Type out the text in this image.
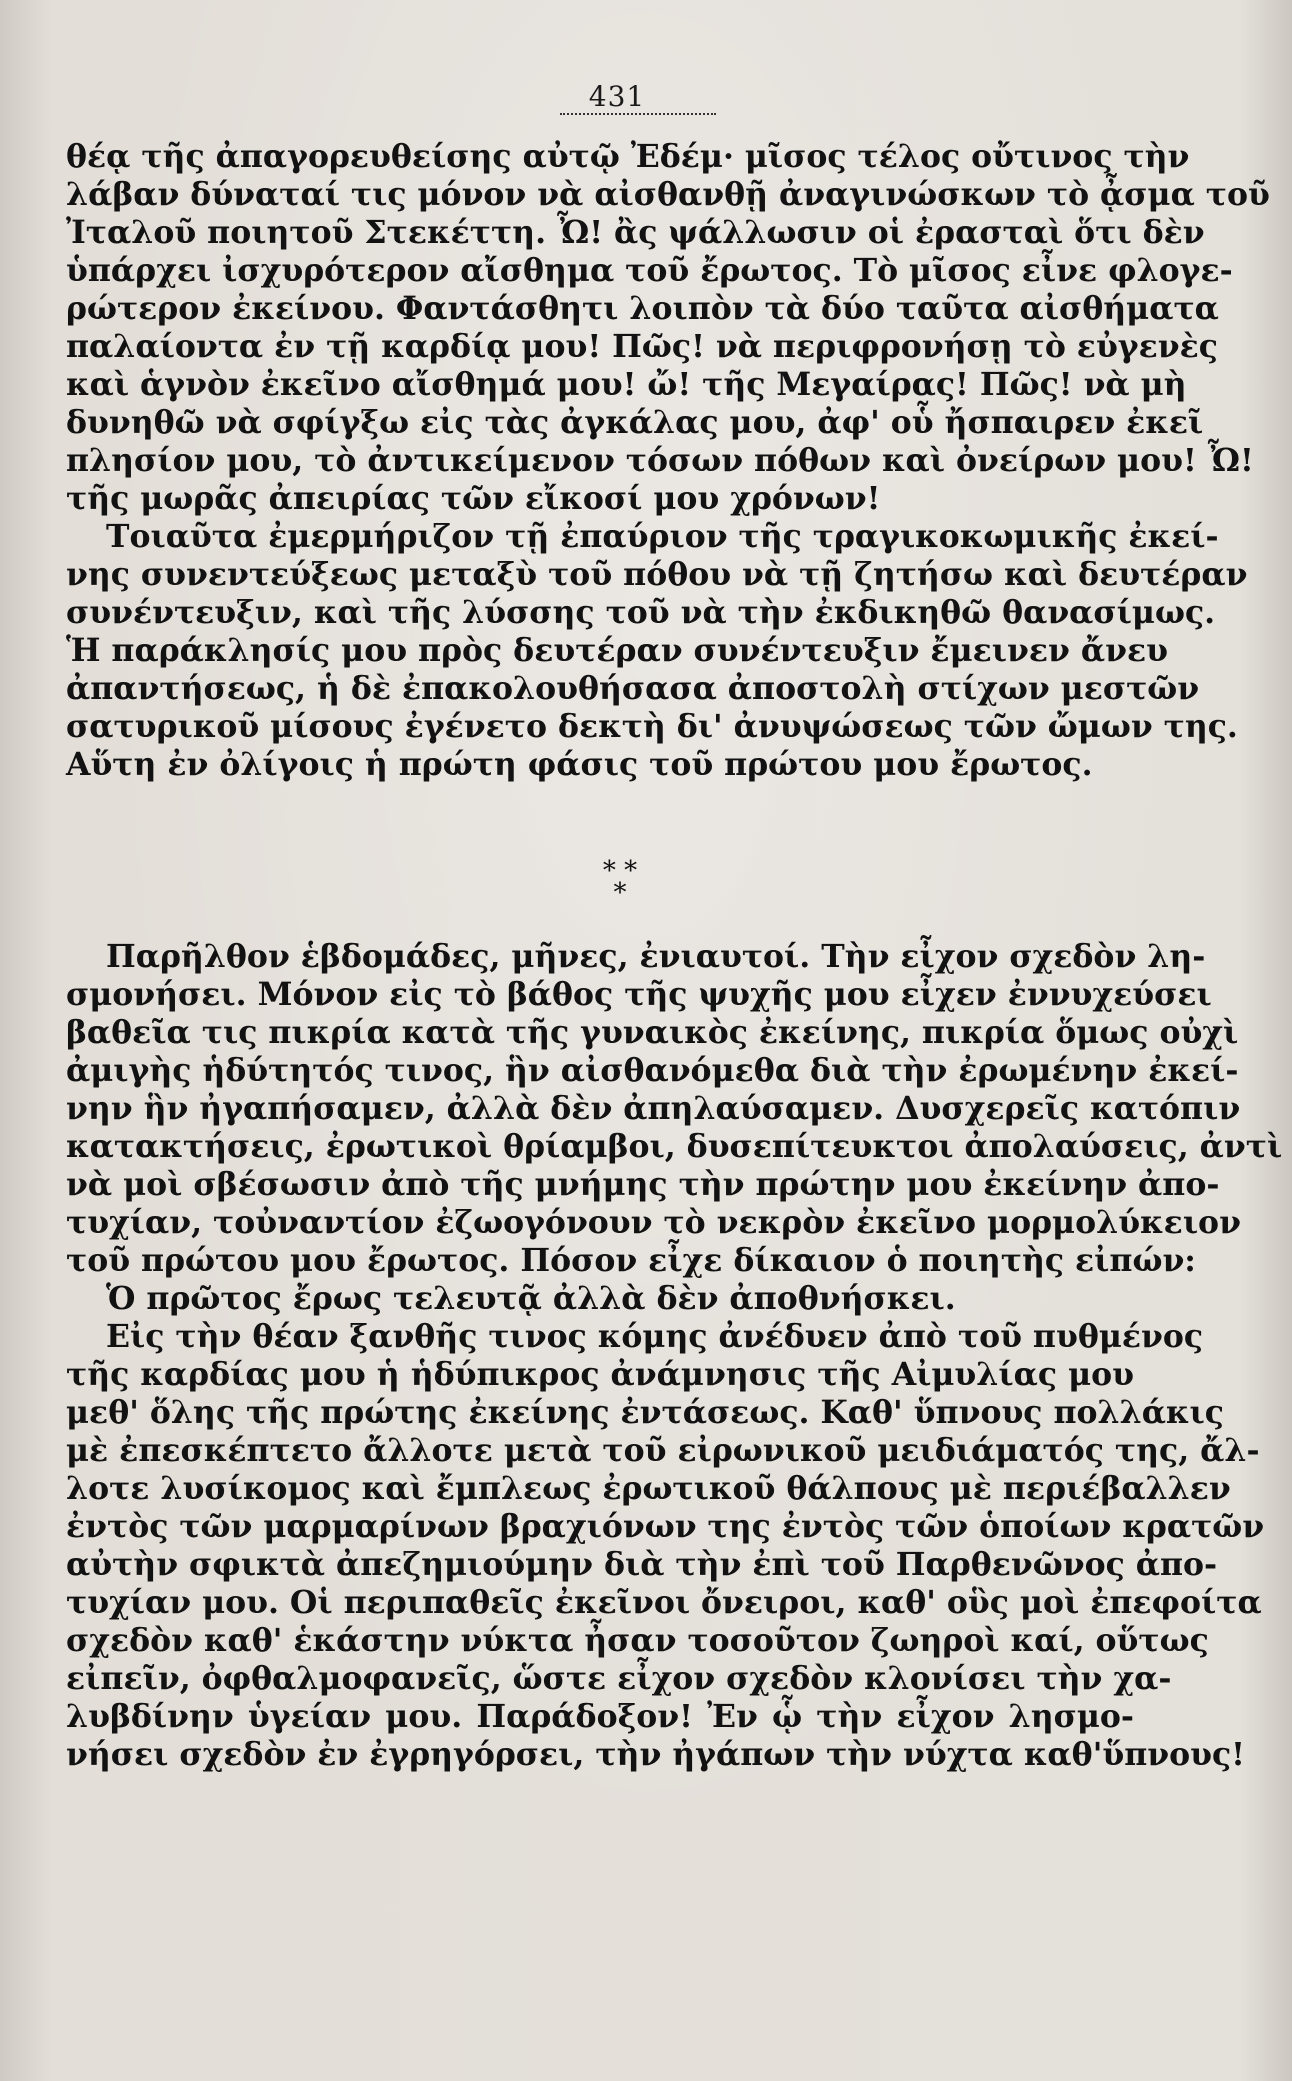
431
θέᾳ τῆς ἀπαγορευθείσης αὐτῷ Ἐδέμ· μῖσος τέλος οὔτινος τὴν
λάβαν δύναταί τις μόνον νὰ αἰσθανθῇ ἀναγινώσκων τὸ ᾆσμα τοῦ
Ἰταλοῦ ποιητοῦ Στεκέττη. Ὦ! ἂς ψάλλωσιν οἱ ἐρασταὶ ὅτι δὲν
ὑπάρχει ἰσχυρότερον αἴσθημα τοῦ ἔρωτος. Τὸ μῖσος εἶνε φλογε-
ρώτερον ἐκείνου. Φαντάσθητι λοιπὸν τὰ δύο ταῦτα αἰσθήματα
παλαίοντα ἐν τῇ καρδίᾳ μου! Πῶς! νὰ περιφρονήσῃ τὸ εὐγενὲς
καὶ ἁγνὸν ἐκεῖνο αἴσθημά μου! ὤ! τῆς Μεγαίρας! Πῶς! νὰ μὴ
δυνηθῶ νὰ σφίγξω εἰς τὰς ἀγκάλας μου, ἀφ' οὗ ἤσπαιρεν ἐκεῖ
πλησίον μου, τὸ ἀντικείμενον τόσων πόθων καὶ ὀνείρων μου! Ὦ!
τῆς μωρᾶς ἀπειρίας τῶν εἴκοσί μου χρόνων!
Τοιαῦτα ἐμερμήριζον τῇ ἐπαύριον τῆς τραγικοκωμικῆς ἐκεί-
νης συνεντεύξεως μεταξὺ τοῦ πόθου νὰ τῇ ζητήσω καὶ δευτέραν
συνέντευξιν, καὶ τῆς λύσσης τοῦ νὰ τὴν ἐκδικηθῶ θανασίμως.
Ἡ παράκλησίς μου πρὸς δευτέραν συνέντευξιν ἔμεινεν ἄνευ
ἀπαντήσεως, ἡ δὲ ἐπακολουθήσασα ἀποστολὴ στίχων μεστῶν
σατυρικοῦ μίσους ἐγένετο δεκτὴ δι' ἀνυψώσεως τῶν ὤμων της.
Αὕτη ἐν ὀλίγοις ἡ πρώτη φάσις τοῦ πρώτου μου ἔρωτος.
* *
*
Παρῆλθον ἑβδομάδες, μῆνες, ἐνιαυτοί. Τὴν εἶχον σχεδὸν λη-
σμονήσει. Μόνον εἰς τὸ βάθος τῆς ψυχῆς μου εἶχεν ἐννυχεύσει
βαθεῖα τις πικρία κατὰ τῆς γυναικὸς ἐκείνης, πικρία ὅμως οὐχὶ
ἀμιγὴς ἡδύτητός τινος, ἣν αἰσθανόμεθα διὰ τὴν ἐρωμένην ἐκεί-
νην ἣν ἠγαπήσαμεν, ἀλλὰ δὲν ἀπηλαύσαμεν. Δυσχερεῖς κατόπιν
κατακτήσεις, ἐρωτικοὶ θρίαμβοι, δυσεπίτευκτοι ἀπολαύσεις, ἀντὶ
νὰ μοὶ σβέσωσιν ἀπὸ τῆς μνήμης τὴν πρώτην μου ἐκείνην ἀπο-
τυχίαν, τοὐναντίον ἐζωογόνουν τὸ νεκρὸν ἐκεῖνο μορμολύκειον
τοῦ πρώτου μου ἔρωτος. Πόσον εἶχε δίκαιον ὁ ποιητὴς εἰπών:
Ὁ πρῶτος ἔρως τελευτᾷ ἀλλὰ δὲν ἀποθνήσκει.
Εἰς τὴν θέαν ξανθῆς τινος κόμης ἀνέδυεν ἀπὸ τοῦ πυθμένος
τῆς καρδίας μου ἡ ἡδύπικρος ἀνάμνησις τῆς Αἰμυλίας μου
μεθ' ὅλης τῆς πρώτης ἐκείνης ἐντάσεως. Καθ' ὕπνους πολλάκις
μὲ ἐπεσκέπτετο ἄλλοτε μετὰ τοῦ εἰρωνικοῦ μειδιάματός της, ἄλ-
λοτε λυσίκομος καὶ ἔμπλεως ἐρωτικοῦ θάλπους μὲ περιέβαλλεν
ἐντὸς τῶν μαρμαρίνων βραχιόνων της ἐντὸς τῶν ὁποίων κρατῶν
αὐτὴν σφικτὰ ἀπεζημιούμην διὰ τὴν ἐπὶ τοῦ Παρθενῶνος ἀπο-
τυχίαν μου. Οἱ περιπαθεῖς ἐκεῖνοι ὄνειροι, καθ' οὓς μοὶ ἐπεφοίτα
σχεδὸν καθ' ἑκάστην νύκτα ἦσαν τοσοῦτον ζωηροὶ καί, οὕτως
εἰπεῖν, ὀφθαλμοφανεῖς, ὥστε εἶχον σχεδὸν κλονίσει τὴν χα-
λυβδίνην ὑγείαν μου. Παράδοξον! Ἐν ᾧ τὴν εἶχον λησμο-
νήσει σχεδὸν ἐν ἐγρηγόρσει, τὴν ἠγάπων τὴν νύχτα καθ'ὕπνους!
